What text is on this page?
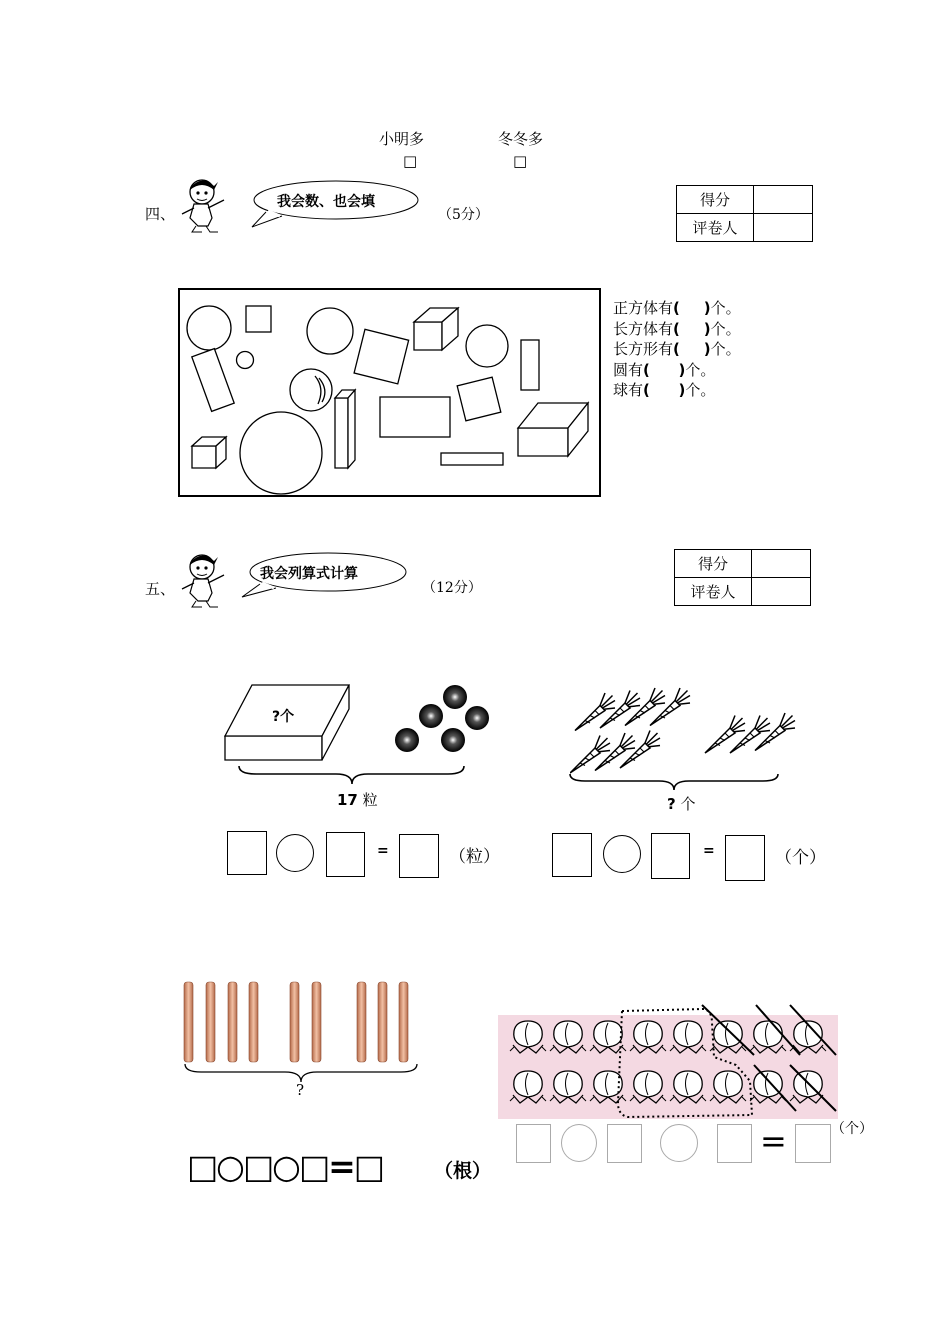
小明多	冬冬多
□	□
四、
我会数、也会填
（5分）
得分	
评卷人	
正方体有( )个。
长方体有( )个。
长方形有( )个。
圆有( )个。
球有( )个。
五、
我会列算式计算
（12分）
得分	
评卷人	
?个
17 粒
=	（粒）
? 个
=	（个）
?
□○□○□=□	（根）
=	（个）
